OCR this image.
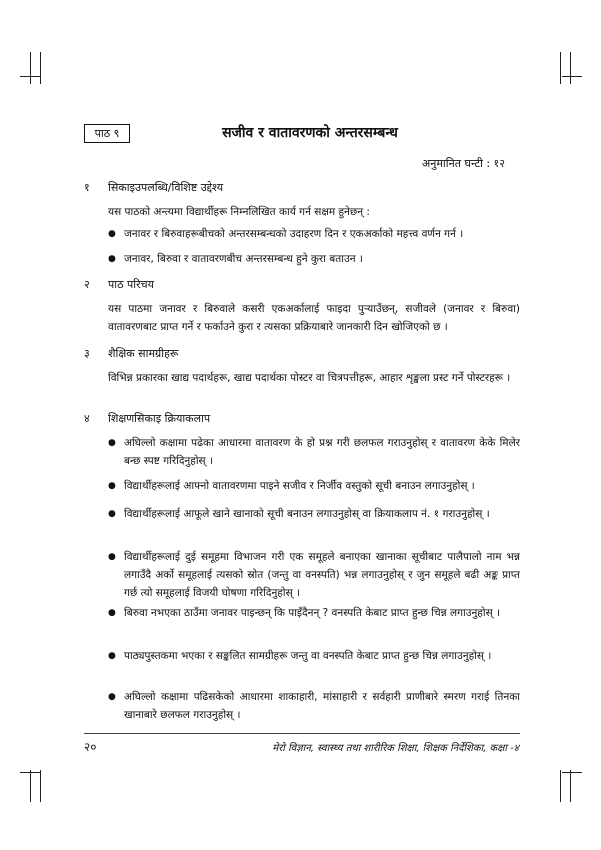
पाठ ९	सजीव र वातावरणको अन्तरसम्बन्ध
अनुमानित घन्टी : १२
१	सिकाइउपलब्धि/विशिष्ट उद्देश्य
यस पाठको अन्त्यमा विद्यार्थीहरू निम्नलिखित कार्य गर्न सक्षम हुनेछन् :
● जनावर र बिरुवाहरूबीचको अन्तरसम्बन्धको उदाहरण दिन र एकअर्काको महत्त्व वर्णन गर्न ।
● जनावर, बिरुवा र वातावरणबीच अन्तरसम्बन्ध हुने कुरा बताउन ।
२	पाठ परिचय
यस पाठमा जनावर र बिरुवाले कसरी एकअर्कालाई फाइदा पुऱ्याउँछन्, सजीवले (जनावर र बिरुवा) वातावरणबाट प्राप्त गर्ने र फर्काउने कुरा र त्यसका प्रक्रियाबारे जानकारी दिन खोजिएको छ ।
३	शैक्षिक सामग्रीहरू
विभिन्न प्रकारका खाद्य पदार्थहरू, खाद्य पदार्थका पोस्टर वा चित्रपत्तीहरू, आहार शृङ्खला प्रस्ट गर्ने पोस्टरहरू ।
४	शिक्षणसिकाइ क्रियाकलाप
● अघिल्लो कक्षामा पढेका आधारमा वातावरण के हो प्रश्न गरी छलफल गराउनुहोस् र वातावरण केके मिलेर बन्छ स्पष्ट गरिदिनुहोस् ।
● विद्यार्थीहरूलाई आफ्नो वातावरणमा पाइने सजीव र निर्जीव वस्तुको सूची बनाउन लगाउनुहोस् ।
● विद्यार्थीहरूलाई आफूले खाने खानाको सूची बनाउन लगाउनुहोस् वा क्रियाकलाप नं. १ गराउनुहोस् ।
● विद्यार्थीहरूलाई दुई समूहमा विभाजन गरी एक समूहले बनाएका खानाका सूचीबाट पालैपालो नाम भन्न लगाउँदै अर्को समूहलाई त्यसको स्रोत (जन्तु वा वनस्पति) भन्न लगाउनुहोस् र जुन समूहले बढी अङ्क प्राप्त गर्छ त्यो समूहलाई विजयी घोषणा गरिदिनुहोस् ।
● बिरुवा नभएका ठाउँमा जनावर पाइन्छन् कि पाइँदैनन् ? वनस्पति केबाट प्राप्त हुन्छ चिन्न लगाउनुहोस् ।
● पाठ्यपुस्तकमा भएका र सङ्कलित सामग्रीहरू जन्तु वा वनस्पति केबाट प्राप्त हुन्छ चिन्न लगाउनुहोस् ।
● अघिल्लो कक्षामा पढिसकेको आधारमा शाकाहारी, मांसाहारी र सर्वहारी प्राणीबारे स्मरण गराई तिनका खानाबारे छलफल गराउनुहोस् ।
२०	मेरो विज्ञान, स्वास्थ्य तथा शारीरिक शिक्षा, शिक्षक निर्देशिका, कक्षा -४
